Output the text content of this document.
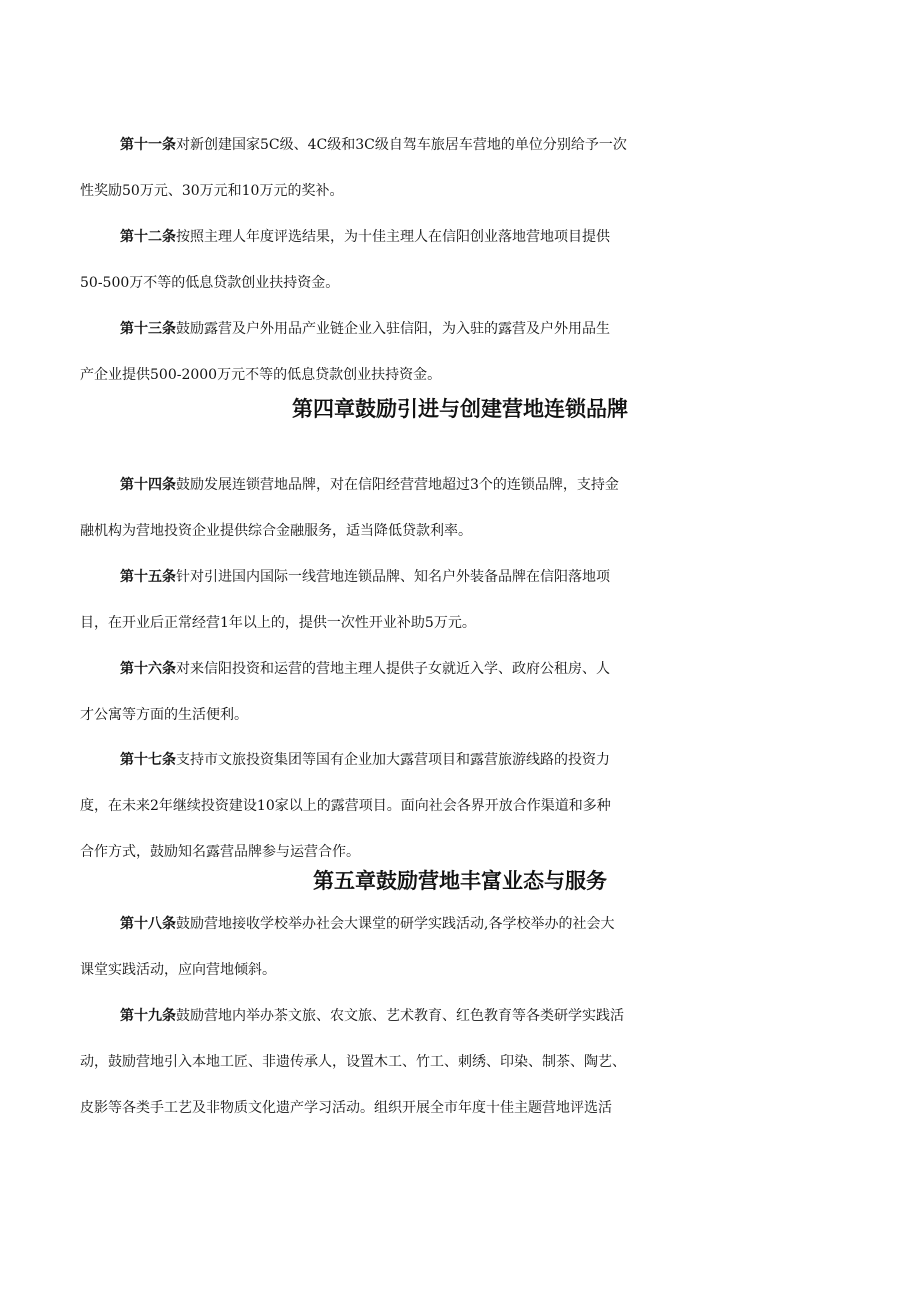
第十一条对新创建国家5C级、4C级和3C级自驾车旅居车营地的单位分别给予一次
性奖励50万元、30万元和10万元的奖补。
第十二条按照主理人年度评选结果，为十佳主理人在信阳创业落地营地项目提供
50-500万不等的低息贷款创业扶持资金。
第十三条鼓励露营及户外用品产业链企业入驻信阳，为入驻的露营及户外用品生
产企业提供500-2000万元不等的低息贷款创业扶持资金。
第四章鼓励引进与创建营地连锁品牌
第十四条鼓励发展连锁营地品牌，对在信阳经营营地超过3个的连锁品牌，支持金
融机构为营地投资企业提供综合金融服务，适当降低贷款利率。
第十五条针对引进国内国际一线营地连锁品牌、知名户外装备品牌在信阳落地项
目，在开业后正常经营1年以上的，提供一次性开业补助5万元。
第十六条对来信阳投资和运营的营地主理人提供子女就近入学、政府公租房、人
才公寓等方面的生活便利。
第十七条支持市文旅投资集团等国有企业加大露营项目和露营旅游线路的投资力
度，在未来2年继续投资建设10家以上的露营项目。面向社会各界开放合作渠道和多种
合作方式，鼓励知名露营品牌参与运营合作。
第五章鼓励营地丰富业态与服务
第十八条鼓励营地接收学校举办社会大课堂的研学实践活动,各学校举办的社会大
课堂实践活动，应向营地倾斜。
第十九条鼓励营地内举办茶文旅、农文旅、艺术教育、红色教育等各类研学实践活
动，鼓励营地引入本地工匠、非遗传承人，设置木工、竹工、刺绣、印染、制茶、陶艺、
皮影等各类手工艺及非物质文化遗产学习活动。组织开展全市年度十佳主题营地评选活
